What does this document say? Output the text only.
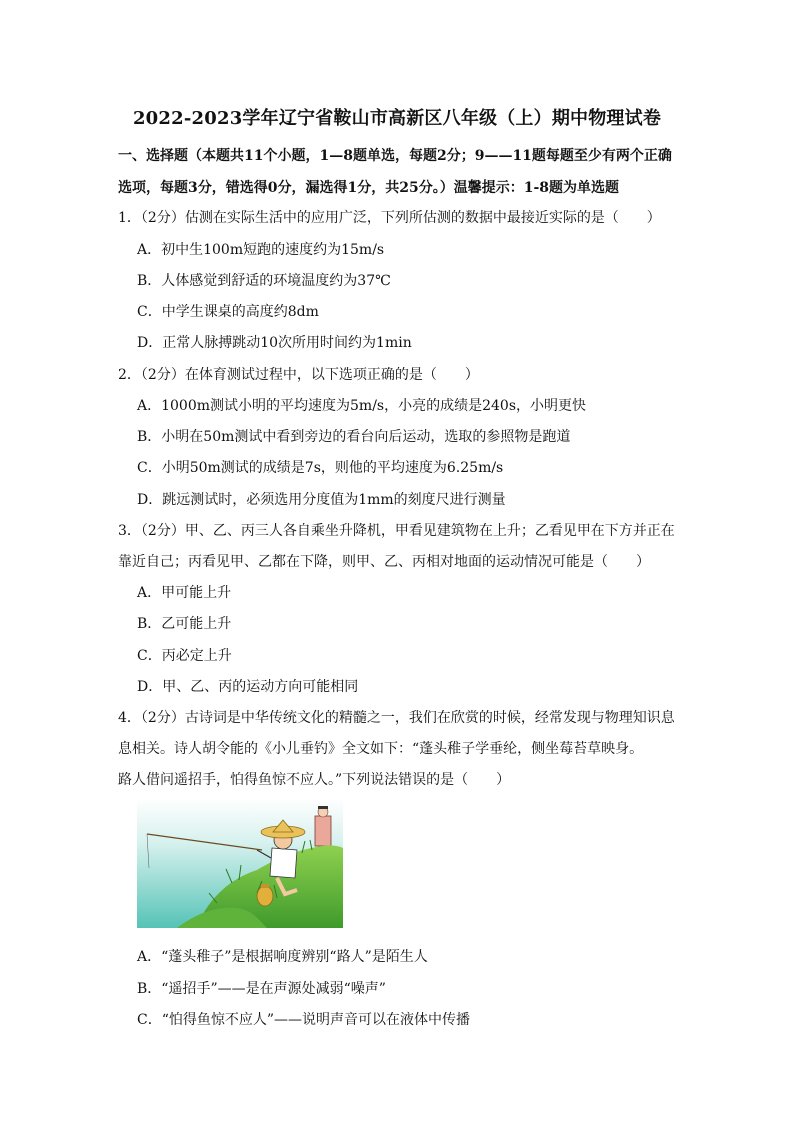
2022-2023学年辽宁省鞍山市高新区八年级（上）期中物理试卷
一、选择题（本题共11个小题，1—8题单选，每题2分；9——11题每题至少有两个正确
选项，每题3分，错选得0分，漏选得1分，共25分。）温馨提示：1-8题为单选题
1．（2分）估测在实际生活中的应用广泛，下列所估测的数据中最接近实际的是（　　）
A．初中生100m短跑的速度约为15m/s
B．人体感觉到舒适的环境温度约为37℃
C．中学生课桌的高度约8dm
D．正常人脉搏跳动10次所用时间约为1min
2．（2分）在体育测试过程中，以下选项正确的是（　　）
A．1000m测试小明的平均速度为5m/s，小亮的成绩是240s，小明更快
B．小明在50m测试中看到旁边的看台向后运动，选取的参照物是跑道
C．小明50m测试的成绩是7s，则他的平均速度为6.25m/s
D．跳远测试时，必须选用分度值为1mm的刻度尺进行测量
3．（2分）甲、乙、丙三人各自乘坐升降机，甲看见建筑物在上升；乙看见甲在下方并正在
靠近自己；丙看见甲、乙都在下降，则甲、乙、丙相对地面的运动情况可能是（　　）
A．甲可能上升
B．乙可能上升
C．丙必定上升
D．甲、乙、丙的运动方向可能相同
4．（2分）古诗词是中华传统文化的精髓之一，我们在欣赏的时候，经常发现与物理知识息
息相关。诗人胡令能的《小儿垂钓》全文如下：“蓬头稚子学垂纶，侧坐莓苔草映身。
路人借问遥招手，怕得鱼惊不应人。”下列说法错误的是（　　）
A．“蓬头稚子”是根据响度辨别“路人”是陌生人
B．“遥招手”——是在声源处减弱“噪声”
C．“怕得鱼惊不应人”——说明声音可以在液体中传播
